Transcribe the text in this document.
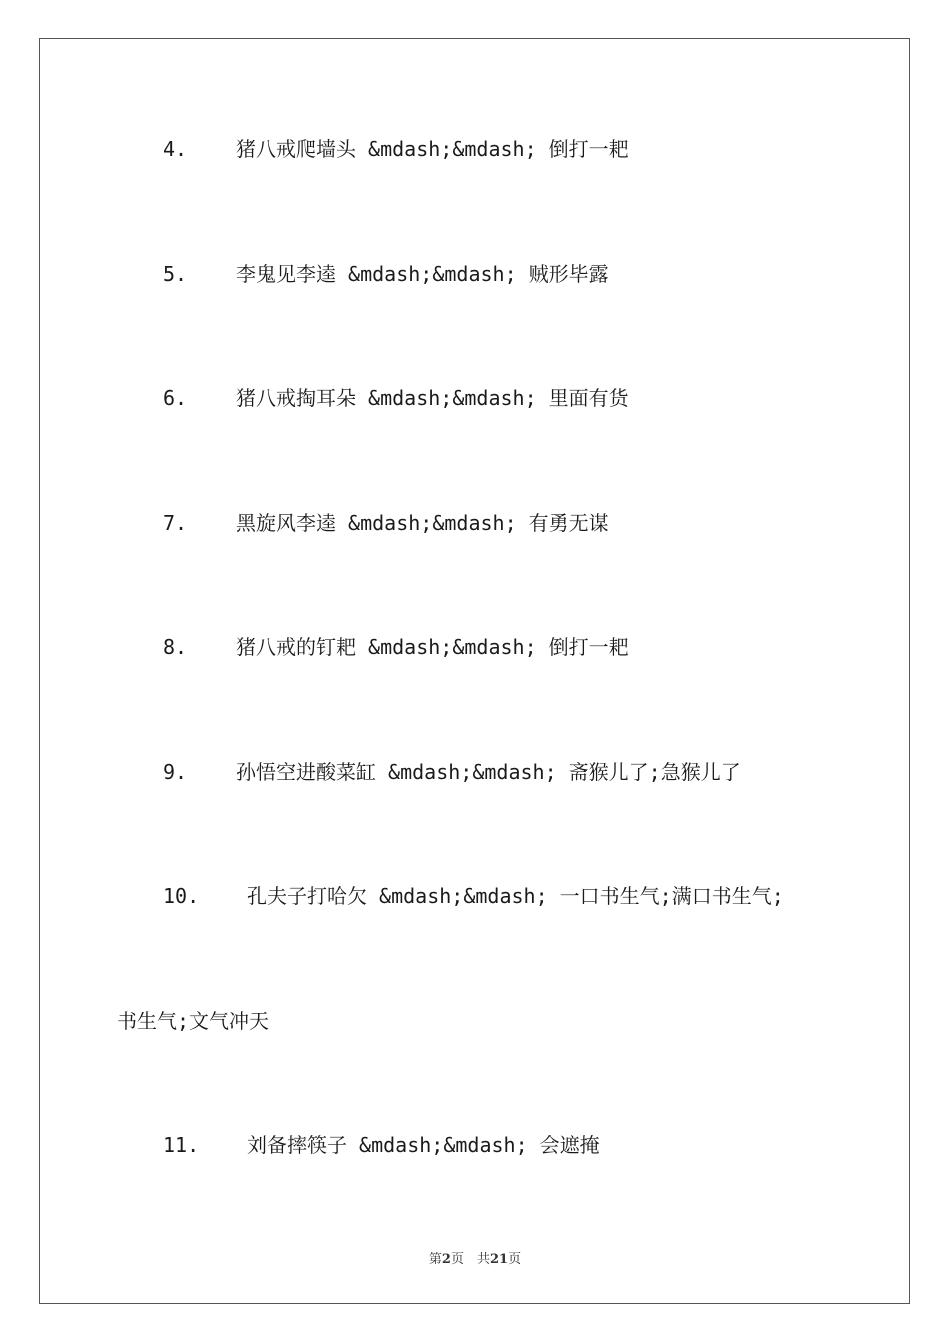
4. 猪八戒爬墙头 &mdash;&mdash; 倒打一耙
5. 李鬼见李逵 &mdash;&mdash; 贼形毕露
6. 猪八戒掏耳朵 &mdash;&mdash; 里面有货
7. 黑旋风李逵 &mdash;&mdash; 有勇无谋
8. 猪八戒的钉耙 &mdash;&mdash; 倒打一耙
9. 孙悟空进酸菜缸 &mdash;&mdash; 斋猴儿了;急猴儿了
10. 孔夫子打哈欠 &mdash;&mdash; 一口书生气;满口书生气;
书生气;文气冲天
11. 刘备摔筷子 &mdash;&mdash; 会遮掩
第2页　共21页
